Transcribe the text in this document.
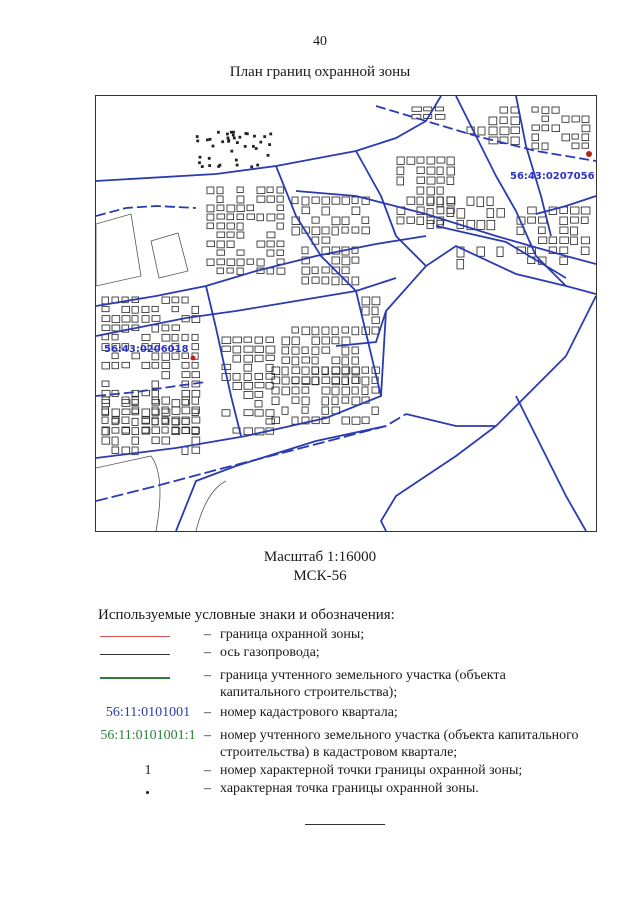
40
План границ охранной зоны
56:43:0207056
56:43:0206018
Масштаб 1:16000
МСК-56
Используемые условные знаки и обозначения:
– граница охранной зоны;
– ось газопровода;
– граница учтенного земельного участка (объекта капитального строительства);
56:11:0101001 – номер кадастрового квартала;
56:11:0101001:1 – номер учтенного земельного участка (объекта капитального строительства) в кадастровом квартале;
1	– номер характерной точки границы охранной зоны;
– характерная точка границы охранной зоны.
